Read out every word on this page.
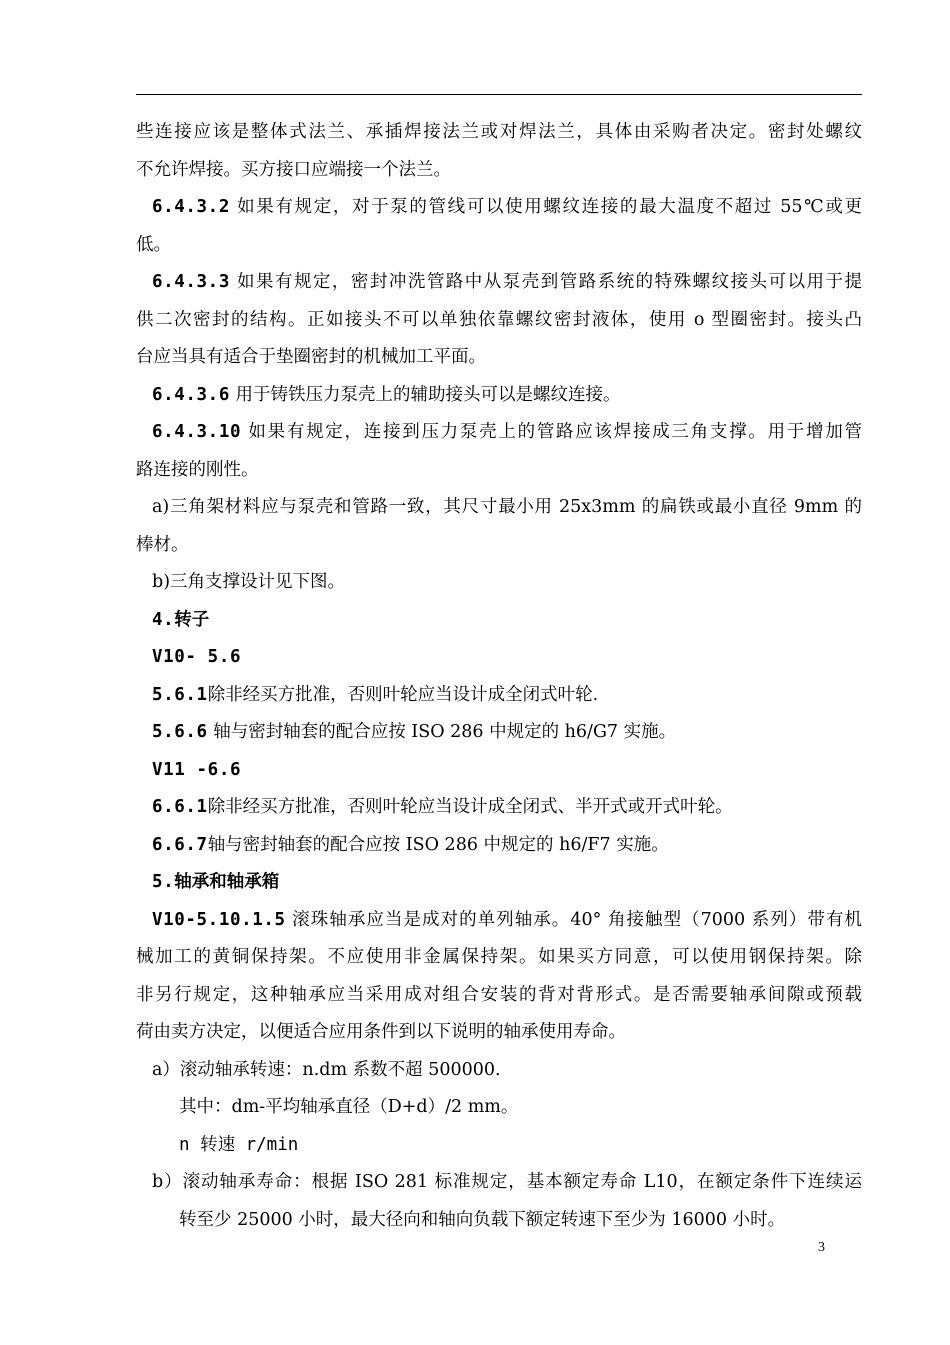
些连接应该是整体式法兰、承插焊接法兰或对焊法兰，具体由采购者决定。密封处螺纹
不允许焊接。买方接口应端接一个法兰。
6.4.3.2 如果有规定，对于泵的管线可以使用螺纹连接的最大温度不超过 55℃或更
低。
6.4.3.3 如果有规定，密封冲洗管路中从泵壳到管路系统的特殊螺纹接头可以用于提
供二次密封的结构。正如接头不可以单独依靠螺纹密封液体，使用 o 型圈密封。接头凸
台应当具有适合于垫圈密封的机械加工平面。
6.4.3.6 用于铸铁压力泵壳上的辅助接头可以是螺纹连接。
6.4.3.10 如果有规定，连接到压力泵壳上的管路应该焊接成三角支撑。用于增加管
路连接的刚性。
a)三角架材料应与泵壳和管路一致，其尺寸最小用 25x3mm 的扁铁或最小直径 9mm 的
棒材。
b)三角支撑设计见下图。
4.转子
V10- 5.6
5.6.1除非经买方批准，否则叶轮应当设计成全闭式叶轮.
5.6.6 轴与密封轴套的配合应按 ISO 286 中规定的 h6/G7 实施。
V11 -6.6
6.6.1除非经买方批准，否则叶轮应当设计成全闭式、半开式或开式叶轮。
6.6.7轴与密封轴套的配合应按 ISO 286 中规定的 h6/F7 实施。
5.轴承和轴承箱
V10-5.10.1.5 滚珠轴承应当是成对的单列轴承。40° 角接触型（7000 系列）带有机
械加工的黄铜保持架。不应使用非金属保持架。如果买方同意，可以使用钢保持架。除
非另行规定，这种轴承应当采用成对组合安装的背对背形式。是否需要轴承间隙或预载
荷由卖方决定，以便适合应用条件到以下说明的轴承使用寿命。
a）滚动轴承转速：n.dm 系数不超 500000.
其中：dm-平均轴承直径（D+d）/2 mm。
n 转速 r/min
b）滚动轴承寿命：根据 ISO 281 标准规定，基本额定寿命 L10，在额定条件下连续运
转至少 25000 小时，最大径向和轴向负载下额定转速下至少为 16000 小时。
3
